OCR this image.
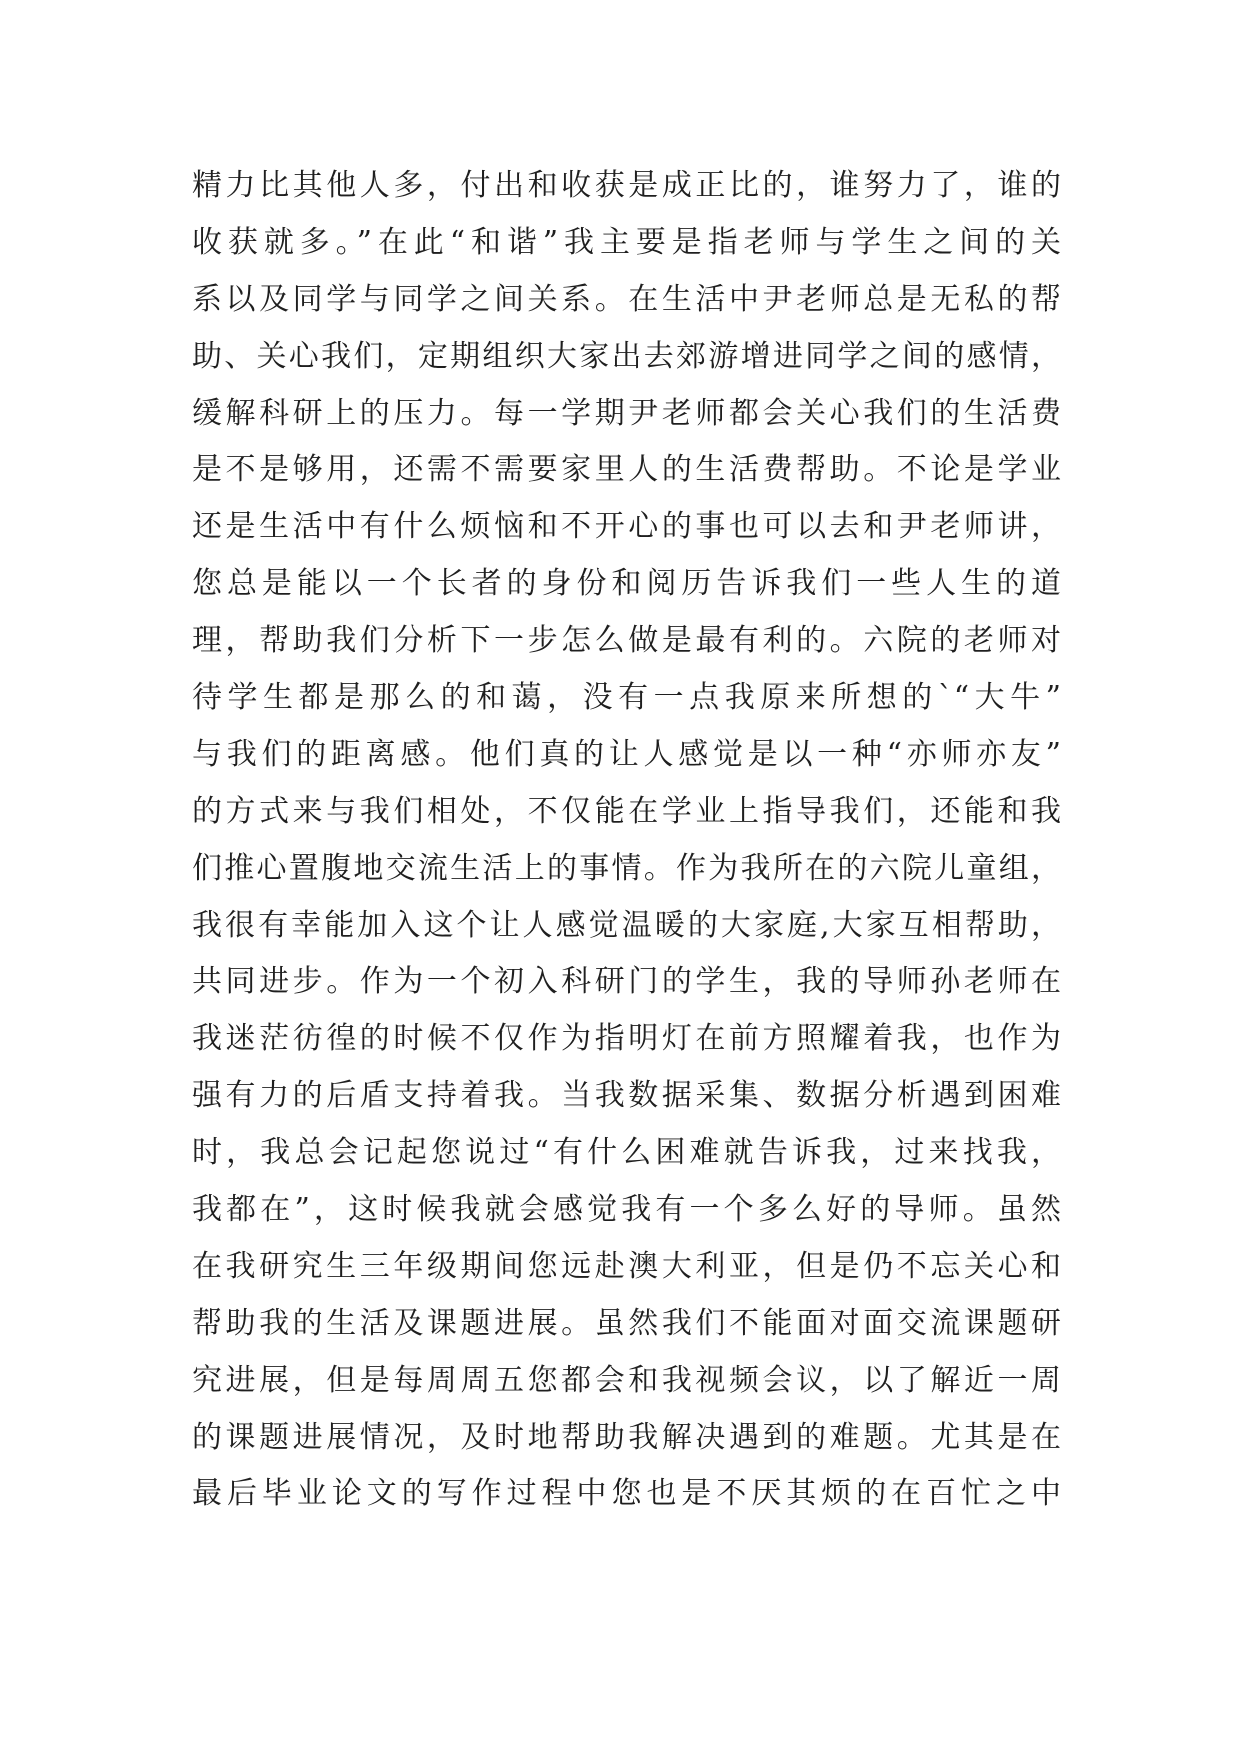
精力比其他人多，付出和收获是成正比的，谁努力了，谁的
收获就多。”在此“和谐”我主要是指老师与学生之间的关
系以及同学与同学之间关系。在生活中尹老师总是无私的帮
助、关心我们，定期组织大家出去郊游增进同学之间的感情，
缓解科研上的压力。每一学期尹老师都会关心我们的生活费
是不是够用，还需不需要家里人的生活费帮助。不论是学业
还是生活中有什么烦恼和不开心的事也可以去和尹老师讲，
您总是能以一个长者的身份和阅历告诉我们一些人生的道
理，帮助我们分析下一步怎么做是最有利的。六院的老师对
待学生都是那么的和蔼，没有一点我原来所想的`“大牛”
与我们的距离感。他们真的让人感觉是以一种“亦师亦友”
的方式来与我们相处，不仅能在学业上指导我们，还能和我
们推心置腹地交流生活上的事情。作为我所在的六院儿童组，
我很有幸能加入这个让人感觉温暖的大家庭,大家互相帮助，
共同进步。作为一个初入科研门的学生，我的导师孙老师在
我迷茫彷徨的时候不仅作为指明灯在前方照耀着我，也作为
强有力的后盾支持着我。当我数据采集、数据分析遇到困难
时，我总会记起您说过“有什么困难就告诉我，过来找我，
我都在”，这时候我就会感觉我有一个多么好的导师。虽然
在我研究生三年级期间您远赴澳大利亚，但是仍不忘关心和
帮助我的生活及课题进展。虽然我们不能面对面交流课题研
究进展，但是每周周五您都会和我视频会议，以了解近一周
的课题进展情况，及时地帮助我解决遇到的难题。尤其是在
最后毕业论文的写作过程中您也是不厌其烦的在百忙之中
